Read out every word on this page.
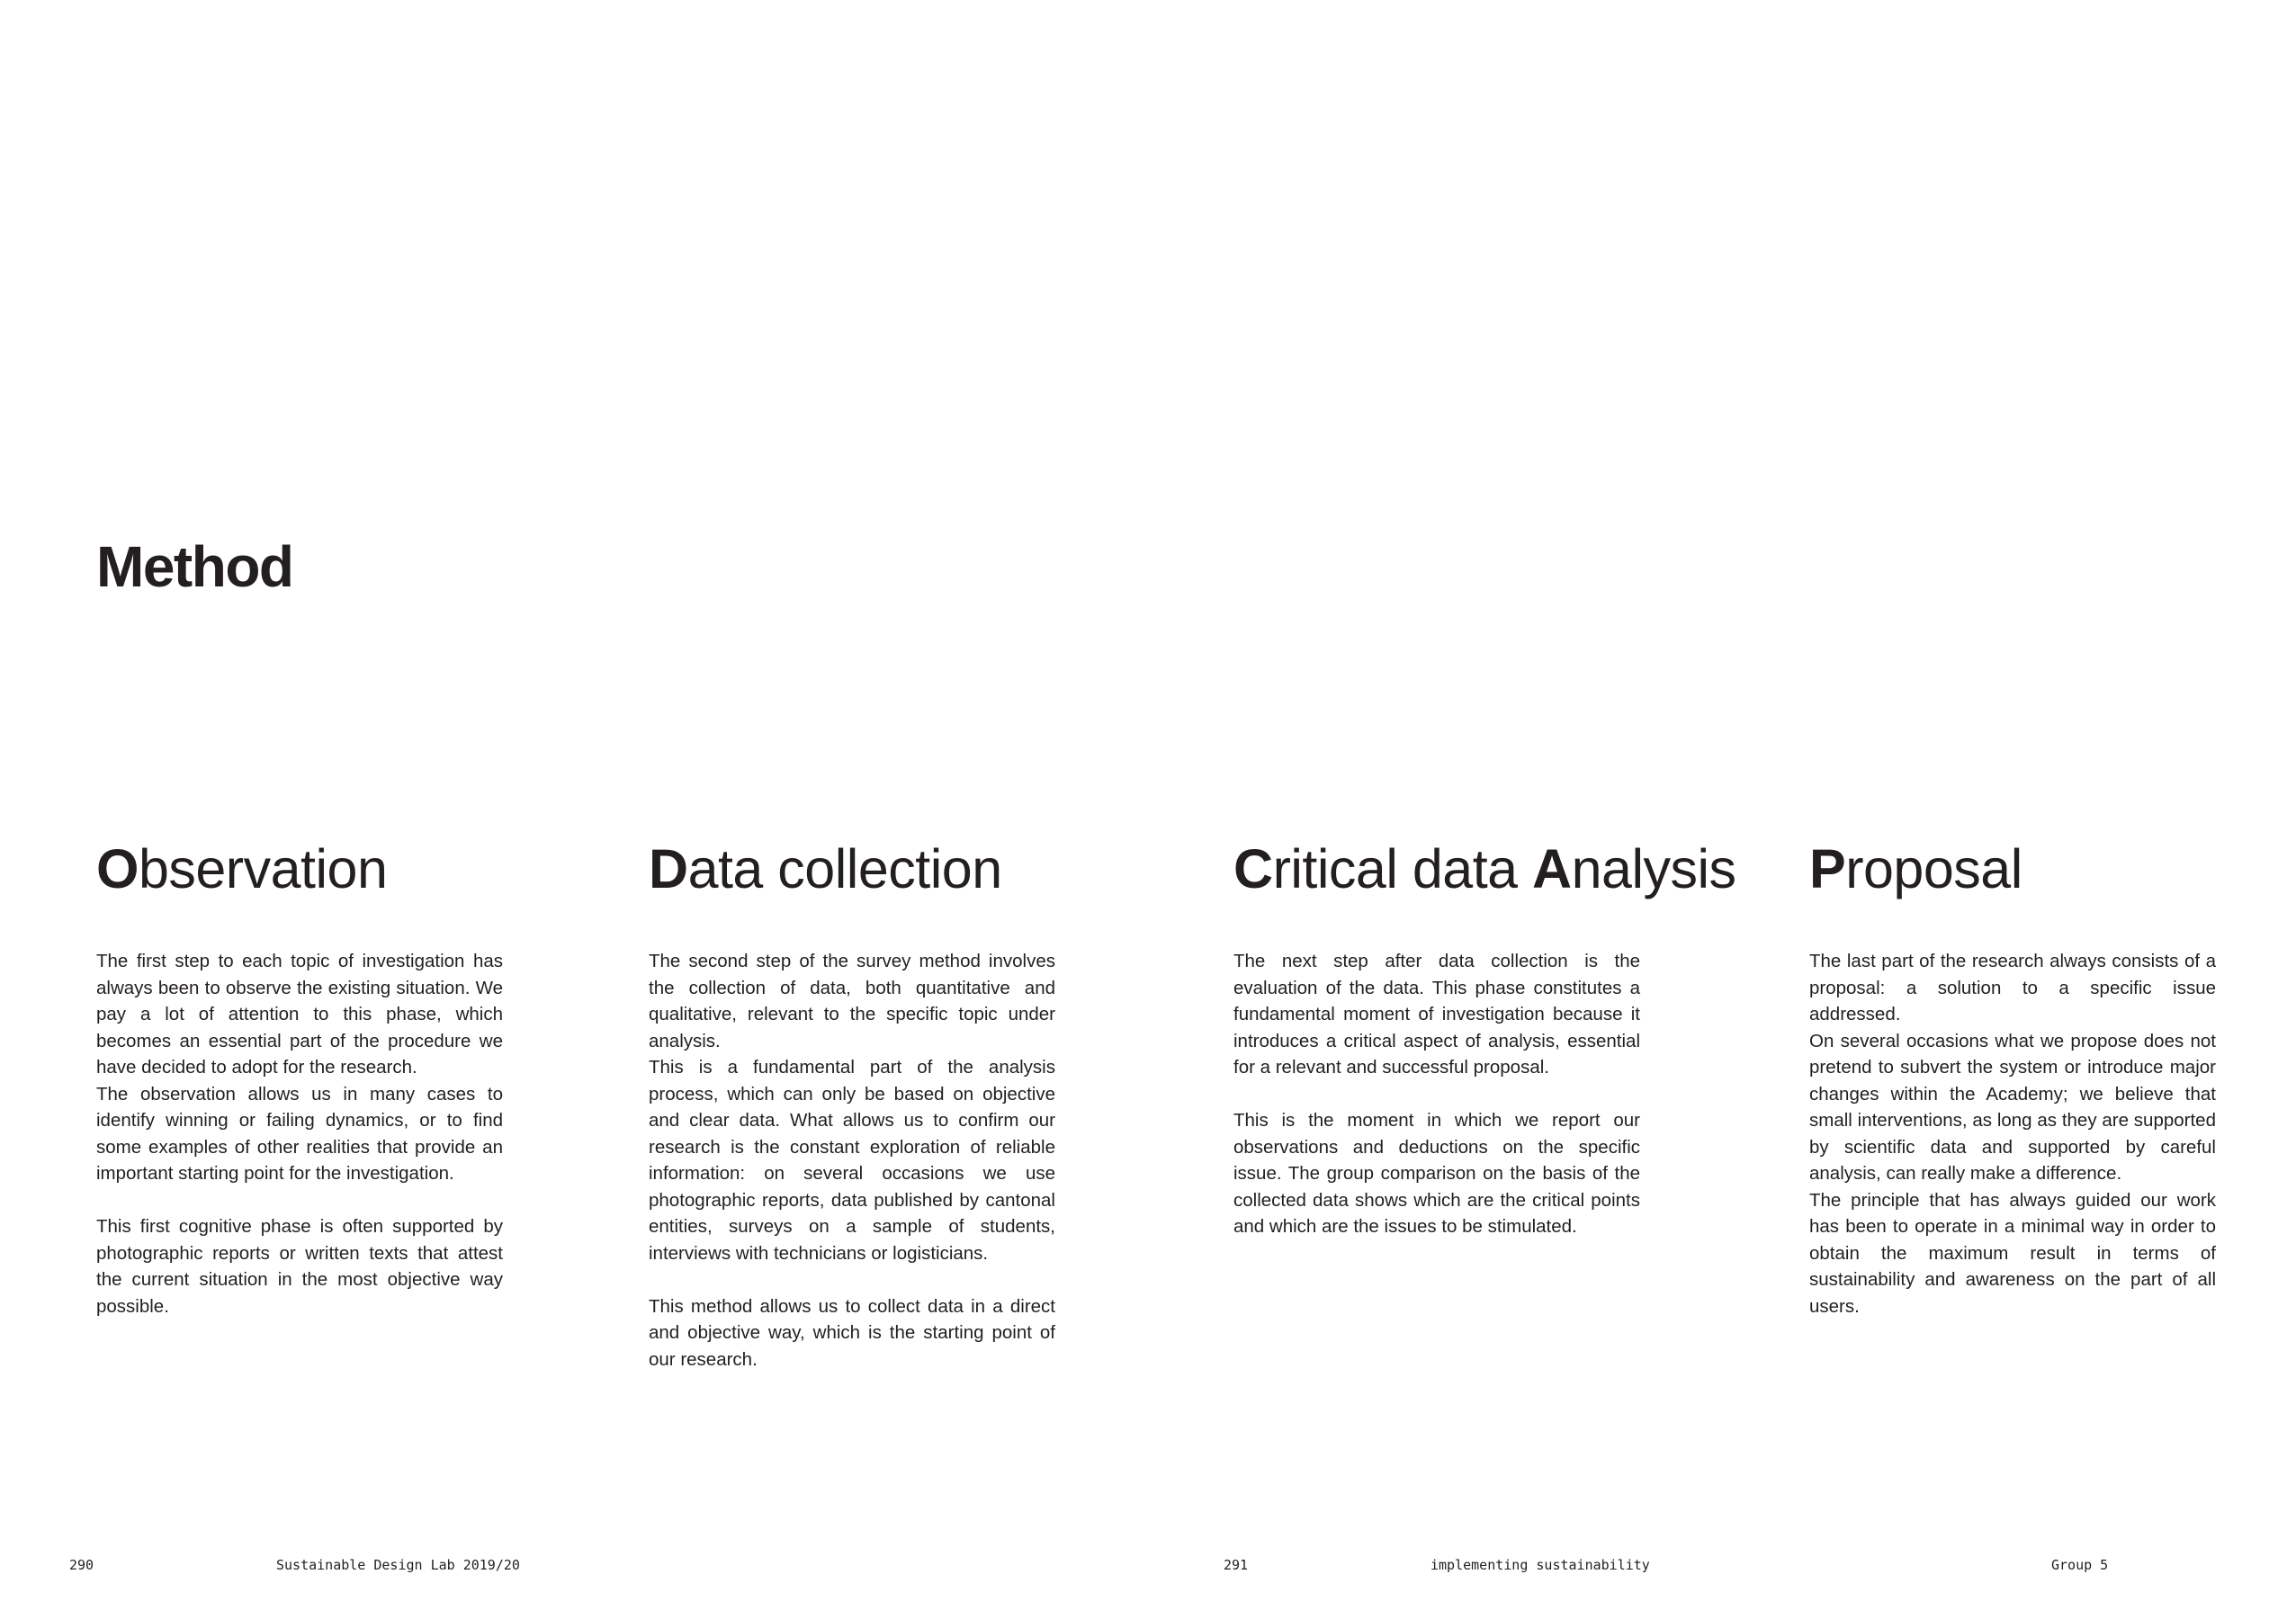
Method
Observation

The first step to each topic of investigation has always been to observe the existing situation. We pay a lot of attention to this phase, which becomes an essential part of the procedure we have decided to adopt for the research.

The observation allows us in many cases to identify winning or failing dynamics, or to find some examples of other realities that provide an important starting point for the investigation.

This first cognitive phase is often supported by photographic reports or written texts that attest the current situation in the most objective way possible.

Data collection

The second step of the survey method involves the collection of data, both quantitative and qualitative, relevant to the specific topic under analysis.

This is a fundamental part of the analysis process, which can only be based on objective and clear data. What allows us to confirm our research is the constant exploration of reliable information: on several occasions we use photographic reports, data published by cantonal entities, surveys on a sample of students, interviews with technicians or logisticians.

This method allows us to collect data in a direct and objective way, which is the starting point of our research.

Critical data Analysis

The next step after data collection is the evaluation of the data. This phase constitutes a fundamental moment of investigation because it introduces a critical aspect of analysis, essential for a relevant and successful proposal.

This is the moment in which we report our observations and deductions on the specific issue. The group comparison on the basis of the collected data shows which are the critical points and which are the issues to be stimulated.

Proposal

The last part of the research always consists of a proposal: a solution to a specific issue addressed.

On several occasions what we propose does not pretend to subvert the system or introduce major changes within the Academy; we believe that small interventions, as long as they are supported by scientific data and supported by careful analysis, can really make a difference.

The principle that has always guided our work has been to operate in a minimal way in order to obtain the maximum result in terms of sustainability and awareness on the part of all users.

290	Sustainable Design Lab 2019/20	291	implementing sustainability	Group 5
